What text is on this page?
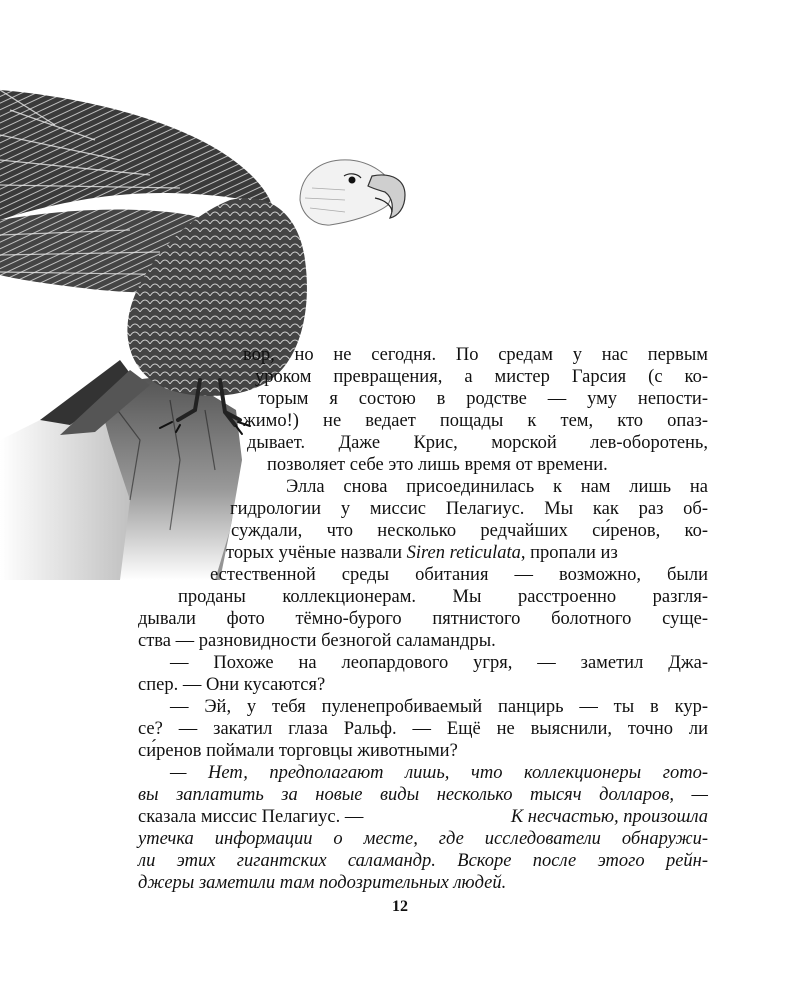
вор, но не сегодня. По средам у нас первым
уроком превращения, а мистер Гарсия (с ко-
торым я состою в родстве — уму непости-
жимо!) не ведает пощады к тем, кто опаз-
дывает. Даже Крис, морской лев-оборотень,
позволяет себе это лишь время от времени.
Элла снова присоединилась к нам лишь на
гидрологии у миссис Пелагиус. Мы как раз об-
суждали, что несколько редчайших си́ренов, ко-
торых учёные назвали Siren reticulata, пропали из
естественной среды обитания — возможно, были
проданы коллекционерам. Мы расстроенно разгля-
дывали фото тёмно-бурого пятнистого болотного суще-
ства — разновидности безногой саламандры.
— Похоже на леопардового угря, — заметил Джа-
спер. — Они кусаются?
— Эй, у тебя пуленепробиваемый панцирь — ты в кур-
се? — закатил глаза Ральф. — Ещё не выяснили, точно ли
си́ренов поймали торговцы животными?
— Нет, предполагают лишь, что коллекционеры гото-
вы заплатить за новые виды несколько тысяч долларов, —
сказала миссис Пелагиус. —	К несчастью, произошла
утечка информации о месте, где исследователи обнаружи-
ли этих гигантских саламандр. Вскоре после этого рейн-
джеры заметили там подозрительных людей.
12
